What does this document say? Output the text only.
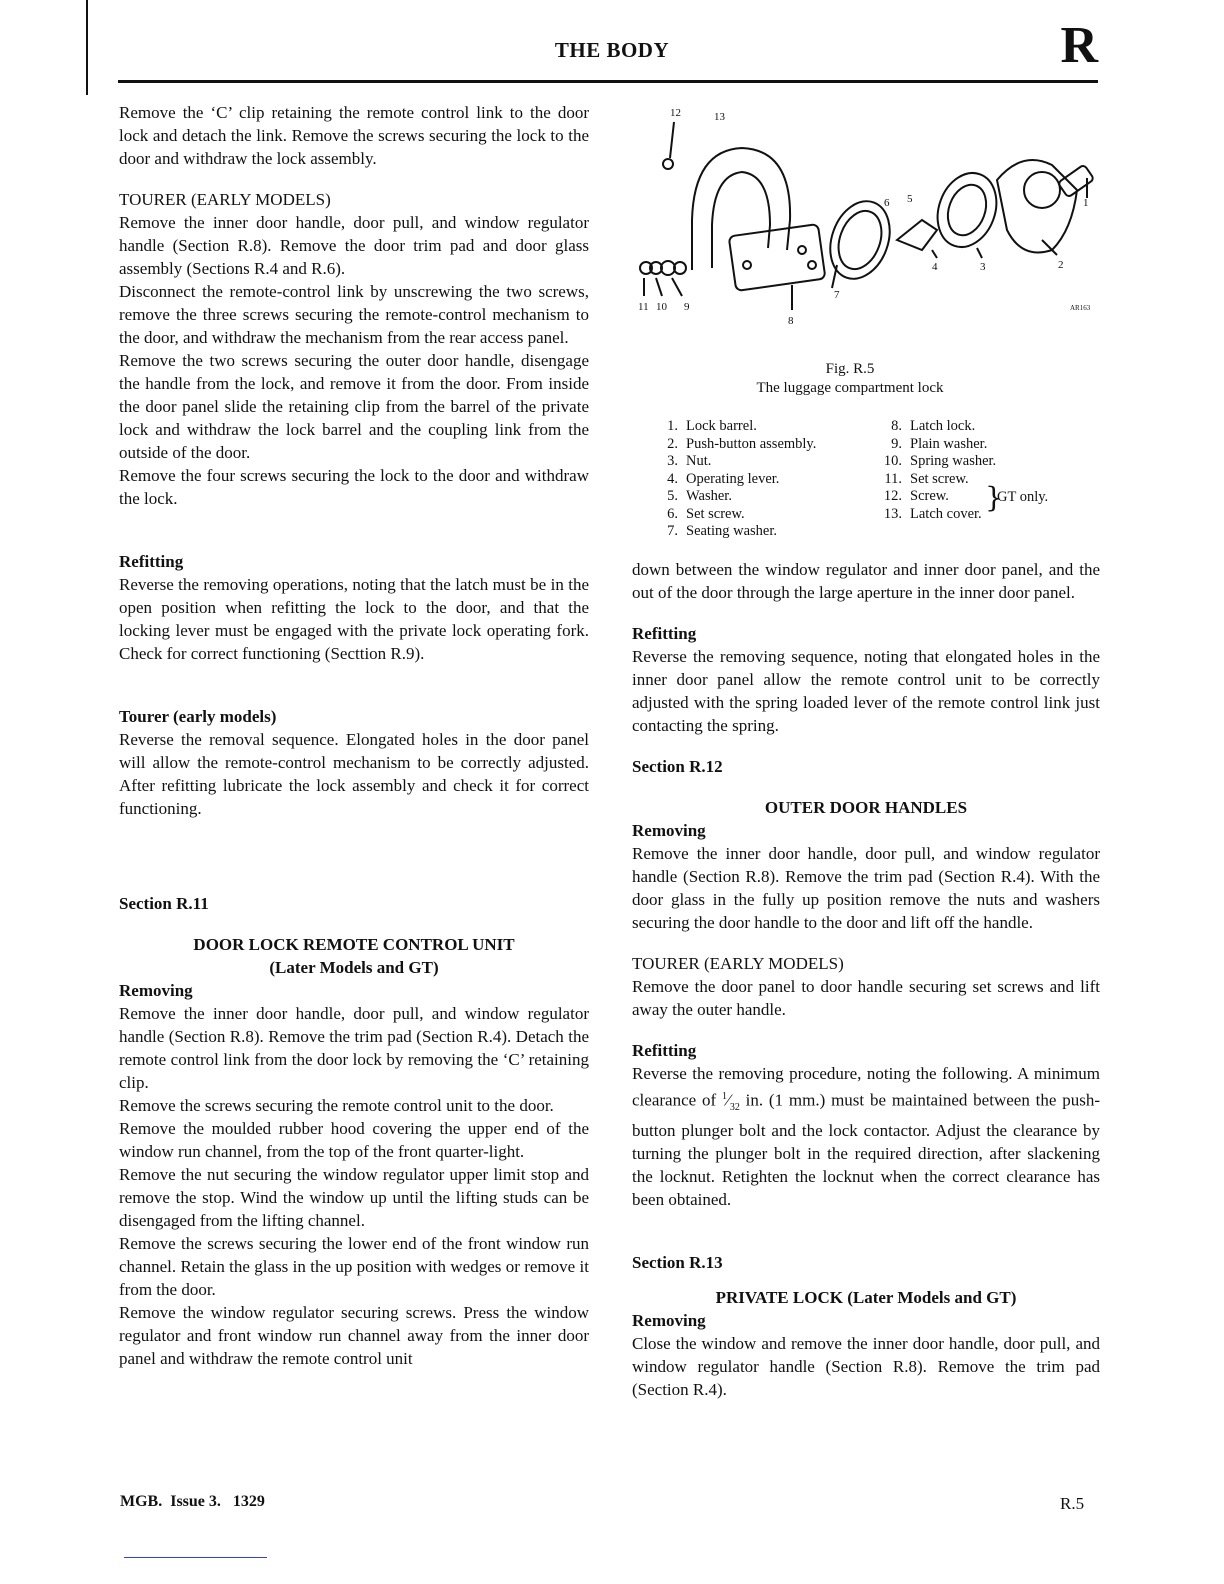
THE BODY	R

Remove the ‘C’ clip retaining the remote control link to the door lock and detach the link. Remove the screws securing the lock to the door and withdraw the lock assembly.

TOURER (EARLY MODELS)

Remove the inner door handle, door pull, and window regulator handle (Section R.8). Remove the door trim pad and door glass assembly (Sections R.4 and R.6).

Disconnect the remote-control link by unscrewing the two screws, remove the three screws securing the remote-control mechanism to the door, and withdraw the mechanism from the rear access panel.

Remove the two screws securing the outer door handle, disengage the handle from the lock, and remove it from the door. From inside the door panel slide the retaining clip from the barrel of the private lock and withdraw the lock barrel and the coupling link from the outside of the door.

Remove the four screws securing the lock to the door and withdraw the lock.

Refitting

Reverse the removing operations, noting that the latch must be in the open position when refitting the lock to the door, and that the locking lever must be engaged with the private lock operating fork. Check for correct functioning (Secttion R.9).

Tourer (early models)

Reverse the removal sequence. Elongated holes in the door panel will allow the remote-control mechanism to be correctly adjusted. After refitting lubricate the lock assembly and check it for correct functioning.

Section R.11

DOOR LOCK REMOTE CONTROL UNIT

(Later Models and GT)

Removing

Remove the inner door handle, door pull, and window regulator handle (Section R.8). Remove the trim pad (Section R.4). Detach the remote control link from the door lock by removing the ‘C’ retaining clip.

Remove the screws securing the remote control unit to the door.

Remove the moulded rubber hood covering the upper end of the window run channel, from the top of the front quarter-light.

Remove the nut securing the window regulator upper limit stop and remove the stop. Wind the window up until the lifting studs can be disengaged from the lifting channel.

Remove the screws securing the lower end of the front window run channel. Retain the glass in the up position with wedges or remove it from the door.

Remove the window regulator securing screws. Press the window regulator and front window run channel away from the inner door panel and withdraw the remote control unit

12	13
6 5
4	3	2
1
7
8
11 10 9	AR163
Fig. R.5
The luggage compartment lock
1. Lock barrel.
2. Push-button assembly.
3. Nut.
4. Operating lever.
5. Washer.
6. Set screw.
7. Seating washer.
8. Latch lock.
9. Plain washer.
10. Spring washer.
11. Set screw.
12. Screw.
13. Latch cover. }
GT only.

down between the window regulator and inner door panel, and the out of the door through the large aperture in the inner door panel.

Refitting

Reverse the removing sequence, noting that elongated holes in the inner door panel allow the remote control unit to be correctly adjusted with the spring loaded lever of the remote control link just contacting the spring.

Section R.12

OUTER DOOR HANDLES

Removing

Remove the inner door handle, door pull, and window regulator handle (Section R.8). Remove the trim pad (Section R.4). With the door glass in the fully up position remove the nuts and washers securing the door handle to the door and lift off the handle.

TOURER (EARLY MODELS)

Remove the door panel to door handle securing set screws and lift away the outer handle.

Refitting

Reverse the removing procedure, noting the following. A minimum clearance of $^1⁄_{32}$ in. (1 mm.) must be maintained between the push-button plunger bolt and the lock contactor. Adjust the clearance by turning the plunger bolt in the required direction, after slackening the locknut. Retighten the locknut when the correct clearance has been obtained.

Section R.13

PRIVATE LOCK (Later Models and GT)

Removing

Close the window and remove the inner door handle, door pull, and window regulator handle (Section R.8). Remove the trim pad (Section R.4).

MGB.  Issue 3.   1329	R.5
